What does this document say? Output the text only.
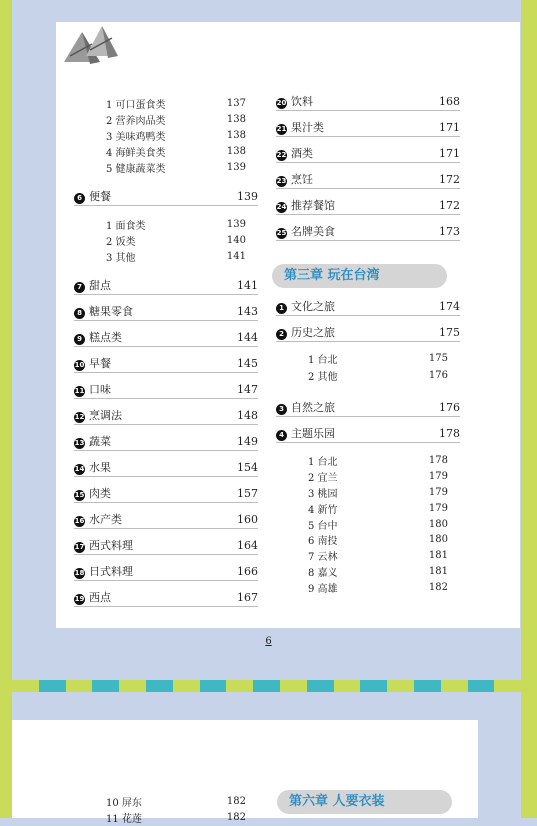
1 可口蛋食类	137
2 营养肉品类	138
3 美味鸡鸭类	138
4 海鲜美食类	138
5 健康蔬菜类	139
6 便餐	139
1 面食类	139
2 饭类	140
3 其他	141
7 甜点	141
8 糖果零食	143
9 糕点类	144
10 早餐	145
11 口味	147
12 烹调法	148
13 蔬菜	149
14 水果	154
15 肉类	157
16 水产类	160
17 西式料理	164
18 日式料理	166
19 西点	167
20 饮料	168
21 果汁类	171
22 酒类	171
23 烹饪	172
24 推荐餐馆	172
25 名牌美食	173
1 文化之旅	174
2 历史之旅	175
1 台北	175
2 其他	176
3 自然之旅	176
4 主题乐园	178
1 台北	178
2 宜兰	179
3 桃园	179
4 新竹	179
5 台中	180
6 南投	180
7 云林	181
8 嘉义	181
9 高雄	182
第三章 玩在台湾
第六章 人要衣装
6
10 屏东	182
11 花莲	182
